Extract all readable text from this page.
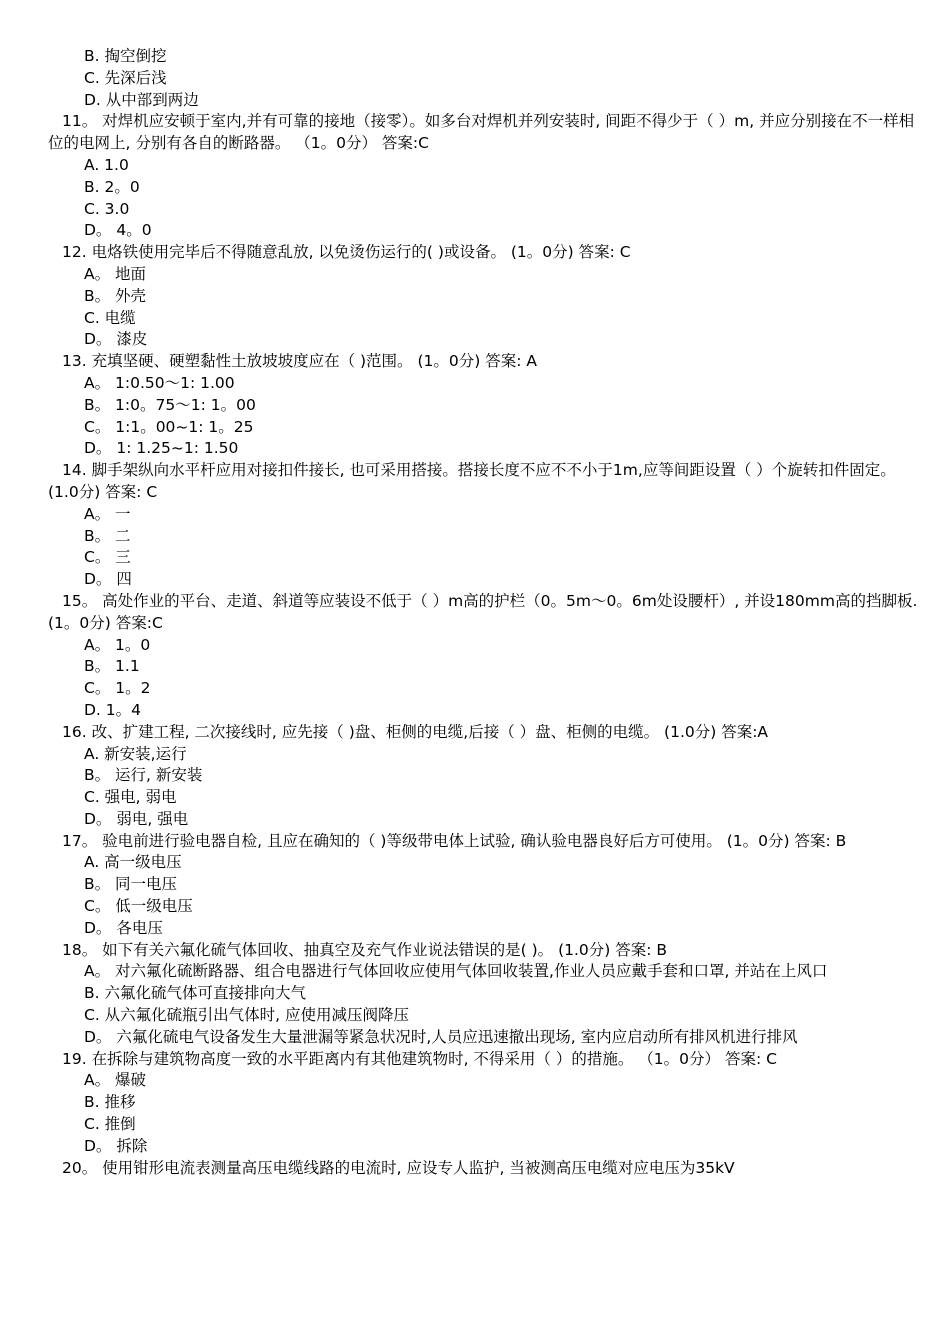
B. 掏空倒挖
C. 先深后浅
D. 从中部到两边
11。 对焊机应安顿于室内,并有可靠的接地（接零）。如多台对焊机并列安装时, 间距不得少于（ ）m, 并应分别接在不一样相位的电网上, 分别有各自的断路器。 （1。0分） 答案:C
A. 1.0
B. 2。0
C. 3.0
D。 4。0
12. 电烙铁使用完毕后不得随意乱放, 以免烫伤运行的( )或设备。 (1。0分) 答案: C
A。 地面
B。 外壳
C. 电缆
D。 漆皮
13. 充填坚硬、硬塑黏性土放坡坡度应在（ )范围。 (1。0分) 答案: A
A。 1:0.50～1: 1.00
B。 1:0。75～1: 1。00
C。 1:1。00~1: 1。25
D。 1: 1.25~1: 1.50
14. 脚手架纵向水平杆应用对接扣件接长, 也可采用搭接。搭接长度不应不不小于1m,应等间距设置（ ）个旋转扣件固定。 (1.0分) 答案: C
A。 一
B。 二
C。 三
D。 四
15。 高处作业的平台、走道、斜道等应装设不低于（ ）m高的护栏（0。5m～0。6m处设腰杆）, 并设180mm高的挡脚板. (1。0分) 答案:C
A。 1。0
B。 1.1
C。 1。2
D. 1。4
16. 改、扩建工程, 二次接线时, 应先接（ )盘、柜侧的电缆,后接（ ）盘、柜侧的电缆。 (1.0分) 答案:A
A. 新安装,运行
B。 运行, 新安装
C. 强电, 弱电
D。 弱电, 强电
17。 验电前进行验电器自检, 且应在确知的（ )等级带电体上试验, 确认验电器良好后方可使用。 (1。0分) 答案: B
A. 高一级电压
B。 同一电压
C。 低一级电压
D。 各电压
18。 如下有关六氟化硫气体回收、抽真空及充气作业说法错误的是( )。 (1.0分) 答案: B
A。 对六氟化硫断路器、组合电器进行气体回收应使用气体回收装置,作业人员应戴手套和口罩, 并站在上风口
B. 六氟化硫气体可直接排向大气
C. 从六氟化硫瓶引出气体时, 应使用减压阀降压
D。 六氟化硫电气设备发生大量泄漏等紧急状况时,人员应迅速撤出现场, 室内应启动所有排风机进行排风
19. 在拆除与建筑物高度一致的水平距离内有其他建筑物时, 不得采用（ ）的措施。 （1。0分） 答案: C
A。 爆破
B. 推移
C. 推倒
D。 拆除
20。 使用钳形电流表测量高压电缆线路的电流时, 应设专人监护, 当被测高压电缆对应电压为35kV
